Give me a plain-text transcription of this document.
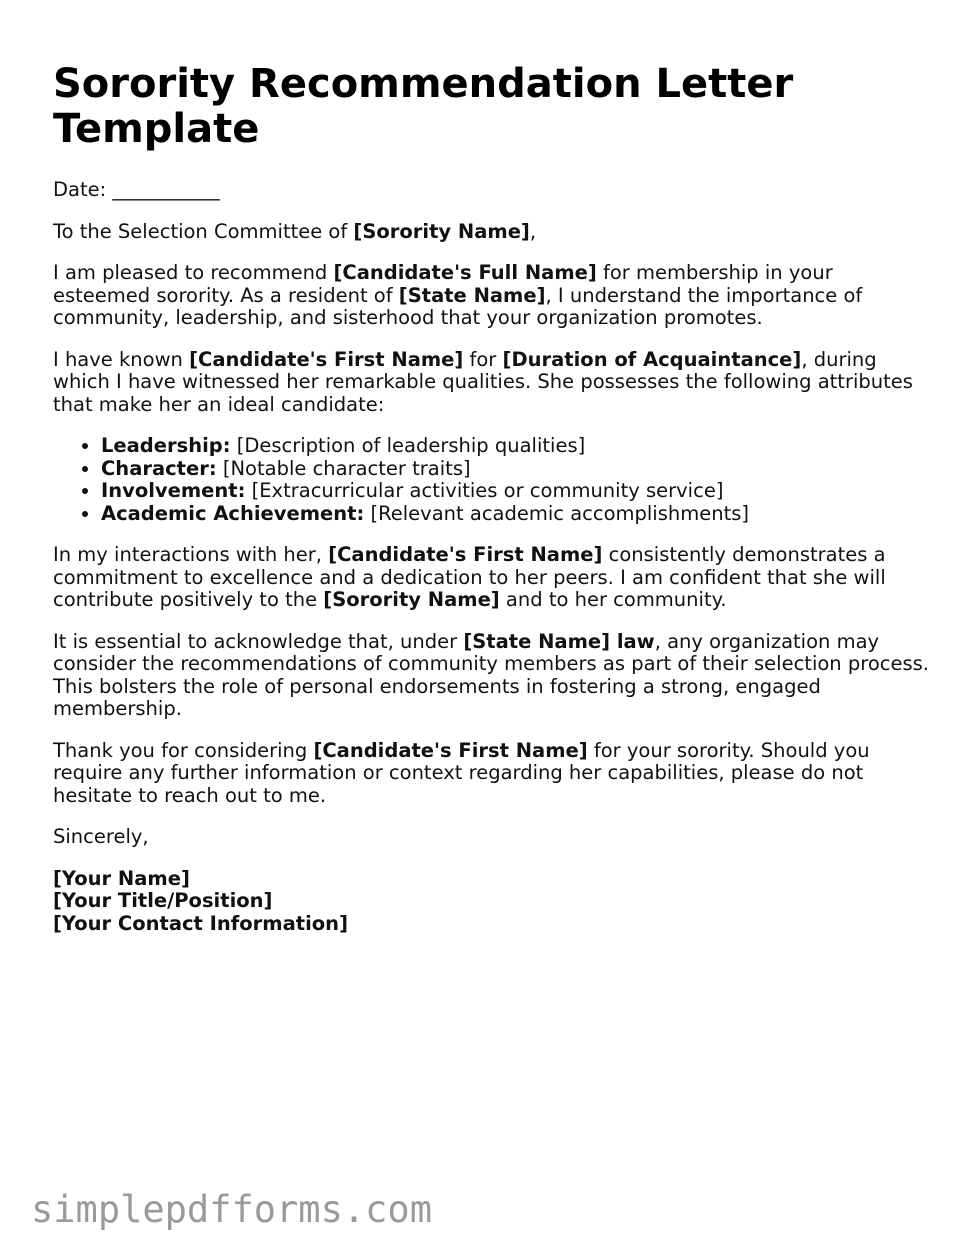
Sorority Recommendation Letter Template

Date: ___________

To the Selection Committee of [Sorority Name],

I am pleased to recommend [Candidate's Full Name] for membership in your esteemed sorority. As a resident of [State Name], I understand the importance of community, leadership, and sisterhood that your organization promotes.

I have known [Candidate's First Name] for [Duration of Acquaintance], during which I have witnessed her remarkable qualities. She possesses the following attributes that make her an ideal candidate:

• Leadership: [Description of leadership qualities]
• Character: [Notable character traits]
• Involvement: [Extracurricular activities or community service]
• Academic Achievement: [Relevant academic accomplishments]

In my interactions with her, [Candidate's First Name] consistently demonstrates a commitment to excellence and a dedication to her peers. I am confident that she will contribute positively to the [Sorority Name] and to her community.

It is essential to acknowledge that, under [State Name] law, any organization may consider the recommendations of community members as part of their selection process. This bolsters the role of personal endorsements in fostering a strong, engaged membership.

Thank you for considering [Candidate's First Name] for your sorority. Should you require any further information or context regarding her capabilities, please do not hesitate to reach out to me.

Sincerely,

[Your Name]

[Your Title/Position]

[Your Contact Information]

simplepdfforms.com
